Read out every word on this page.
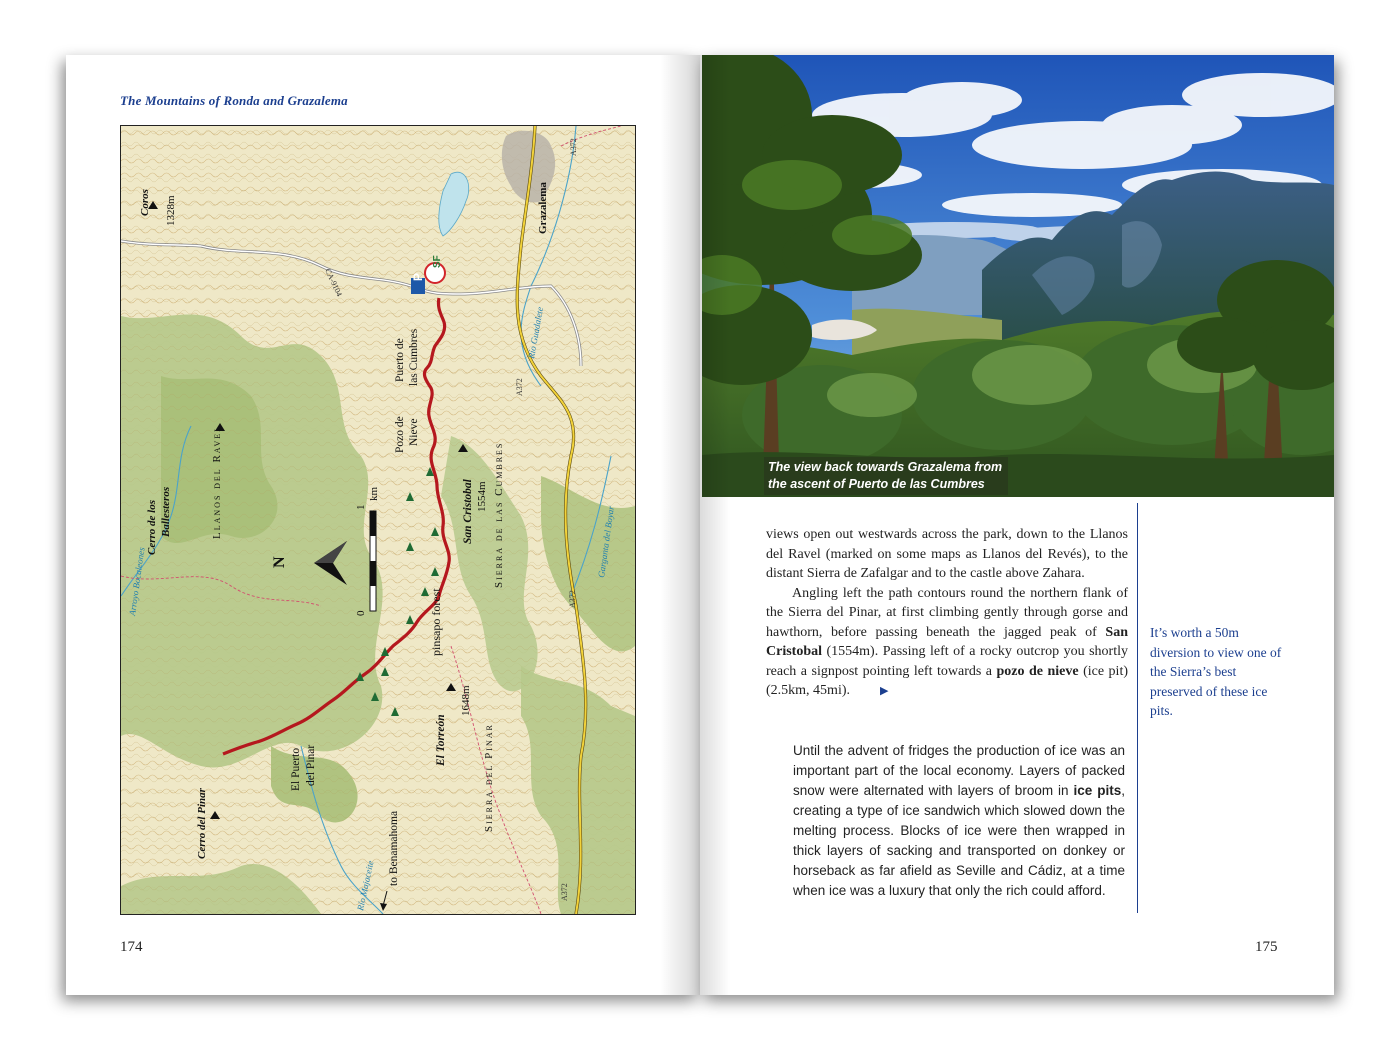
The Mountains of Ronda and Grazalema
N
0
1
km
P
SF
Coros 1328m	Grazalema
CA-9104
A372
A372
A372
A372
Río Guadalete
Puerto de las Cumbres
Pozo de Nieve
San Cristobal 1554m Sierra de las Cumbres
Llanos del Ravel
Cerro de los Ballesteros
Arroyo Bocaleones
Garganta del Boyar
pinsapo forest
El Torreón
1648m
Sierra del Pinar
El Puerto del Pinar
Cerro del Pinar
Río Majaceite to Benamahoma
174
The view back towards Grazalema from
the ascent of Puerto de las Cumbres

views open out westwards across the park, down to the Llanos del Ravel (marked on some maps as Llanos del Revés), to the distant Sierra de Zafalgar and to the castle above Zahara.

Angling left the path contours round the northern flank of the Sierra del Pinar, at first climbing gently through gorse and hawthorn, before passing beneath the jagged peak of San Cristobal (1554m). Passing left of a rocky outcrop you shortly reach a signpost pointing left towards a pozo de nieve (ice pit) (2.5km, 45mi).	▶

It’s worth a 50m diversion to view one of the Sierra’s best preserved of these ice pits.
Until the advent of fridges the production of ice was an important part of the local economy. Layers of packed snow were alternated with layers of broom in ice pits, creating a type of ice sandwich which slowed down the melting process. Blocks of ice were then wrapped in thick layers of sacking and transported on donkey or horseback as far afield as Seville and Cádiz, at a time when ice was a luxury that only the rich could afford.
175
